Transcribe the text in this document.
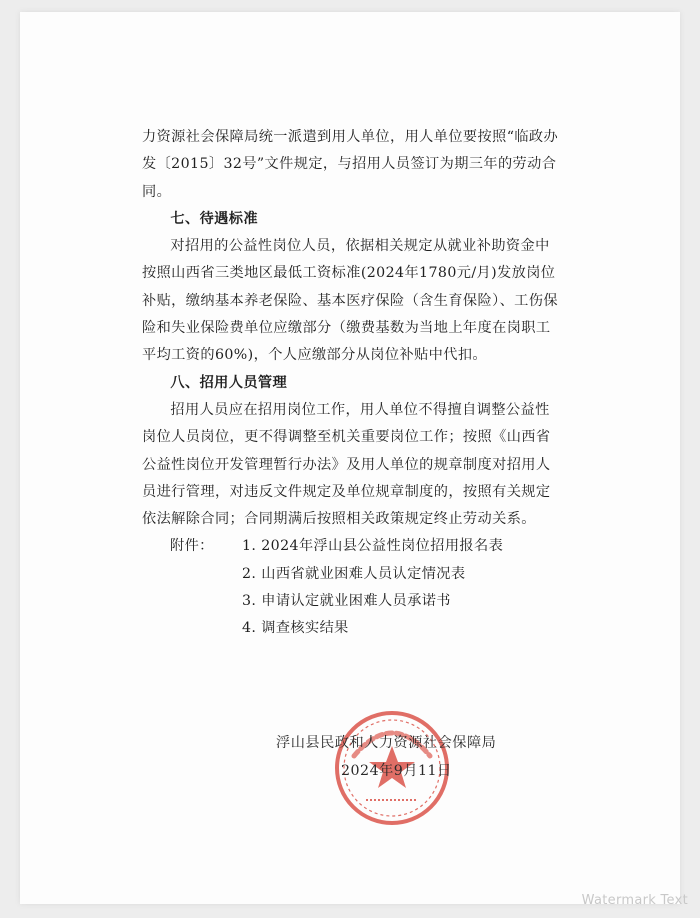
力资源社会保障局统一派遣到用人单位，用人单位要按照“临政办发〔2015〕32号”文件规定，与招用人员签订为期三年的劳动合同。

七、待遇标准

对招用的公益性岗位人员，依据相关规定从就业补助资金中按照山西省三类地区最低工资标准(2024年1780元/月)发放岗位补贴，缴纳基本养老保险、基本医疗保险（含生育保险）、工伤保险和失业保险费单位应缴部分（缴费基数为当地上年度在岗职工平均工资的60%)，个人应缴部分从岗位补贴中代扣。

八、招用人员管理

招用人员应在招用岗位工作，用人单位不得擅自调整公益性岗位人员岗位，更不得调整至机关重要岗位工作；按照《山西省公益性岗位开发管理暂行办法》及用人单位的规章制度对招用人员进行管理，对违反文件规定及单位规章制度的，按照有关规定依法解除合同；合同期满后按照相关政策规定终止劳动关系。

附件：	1. 2024年浮山县公益性岗位招用报名表
2. 山西省就业困难人员认定情况表
3. 申请认定就业困难人员承诺书
4. 调查核实结果
浮山县民政和人力资源社会保障局
2024年9月11日
Watermark Text
